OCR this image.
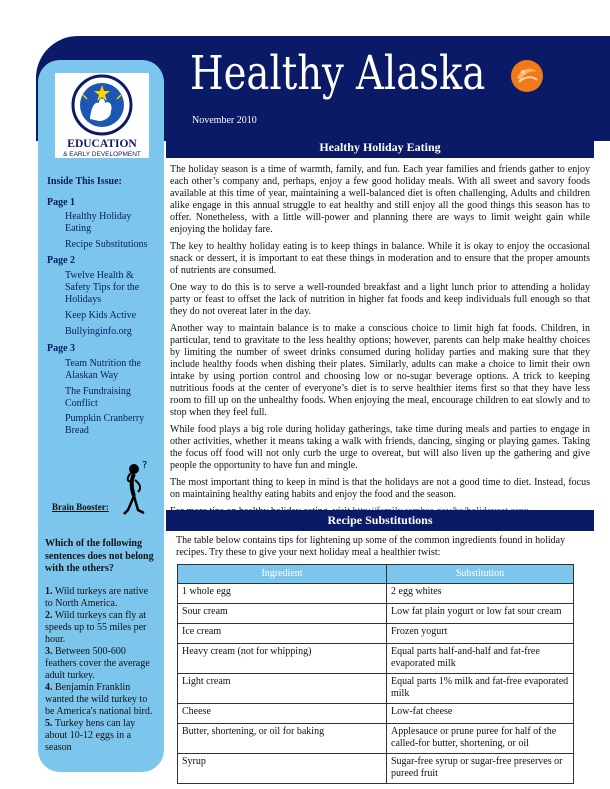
Healthy Alaska
November 2010
EDUCATION
& EARLY DEVELOPMENT
Inside This Issue:
Page 1
Healthy Holiday Eating
Recipe Substitutions
Page 2
Twelve Health & Safety Tips for the Holidays
Keep Kids Active
Bullyinginfo.org
Page 3
Team Nutrition the Alaskan Way
The Fundraising Conflict
Pumpkin Cranberry Bread
?
Brain Booster:
Which of the following sentences does not belong with the others?
1. Wild turkeys are native to North America.
2. Wild turkeys can fly at speeds up to 55 miles per hour.
3. Between 500-600 feathers cover the average adult turkey.
4. Benjamin Franklin wanted the wild turkey to be America's national bird.
5. Turkey hens can lay about 10-12 eggs in a season
Healthy Holiday Eating

The holiday season is a time of warmth, family, and fun. Each year families and friends gather to enjoy each other’s company and, perhaps, enjoy a few good holiday meals. With all sweet and savory foods available at this time of year, maintaining a well-balanced diet is often challenging, Adults and children alike engage in this annual struggle to eat healthy and still enjoy all the good things this season has to offer. Nonetheless, with a little will-power and planning there are ways to limit weight gain while enjoying the holiday fare.

The key to healthy holiday eating is to keep things in balance. While it is okay to enjoy the occasional snack or dessert, it is important to eat these things in moderation and to ensure that the proper amounts of nutrients are consumed.

One way to do this is to serve a well-rounded breakfast and a light lunch prior to attending a holiday party or feast to offset the lack of nutrition in higher fat foods and keep individuals full enough so that they do not overeat later in the day.

Another way to maintain balance is to make a conscious choice to limit high fat foods. Children, in particular, tend to gravitate to the less healthy options; however, parents can help make healthy choices by limiting the number of sweet drinks consumed during holiday parties and making sure that they include healthy foods when dishing their plates. Similarly, adults can make a choice to limit their own intake by using portion control and choosing low or no-sugar beverage options. A trick to keeping nutritious foods at the center of everyone’s diet is to serve healthier items first so that they have less room to fill up on the unhealthy foods. When enjoying the meal, encourage children to eat slowly and to stop when they feel full.

While food plays a big role during holiday gatherings, take time during meals and parties to engage in other activities, whether it means taking a walk with friends, dancing, singing or playing games. Taking the focus off food will not only curb the urge to overeat, but will also liven up the gathering and give people the opportunity to have fun and mingle.

The most important thing to keep in mind is that the holidays are not a good time to diet. Instead, focus on maintaining healthy eating habits and enjoy the food and the season.

Recipe Substitutions
The table below contains tips for lightening up some of the common ingredients found in holiday recipes. Try these to give your next holiday meal a healthier twist:
Ingredient	Substitution
1 whole egg	2 egg whites
Sour cream	Low fat plain yogurt or low fat sour cream
Ice cream	Frozen yogurt
Heavy cream (not for whipping)	Equal parts half-and-half and fat-free evaporated milk
Light cream	Equal parts 1% milk and fat-free evaporated milk
Cheese	Low-fat cheese
Butter, shortening, or oil for baking	Applesauce or prune puree for half of the called-for butter, shortening, or oil
Syrup	Sugar-free syrup or sugar-free preserves or pureed fruit
